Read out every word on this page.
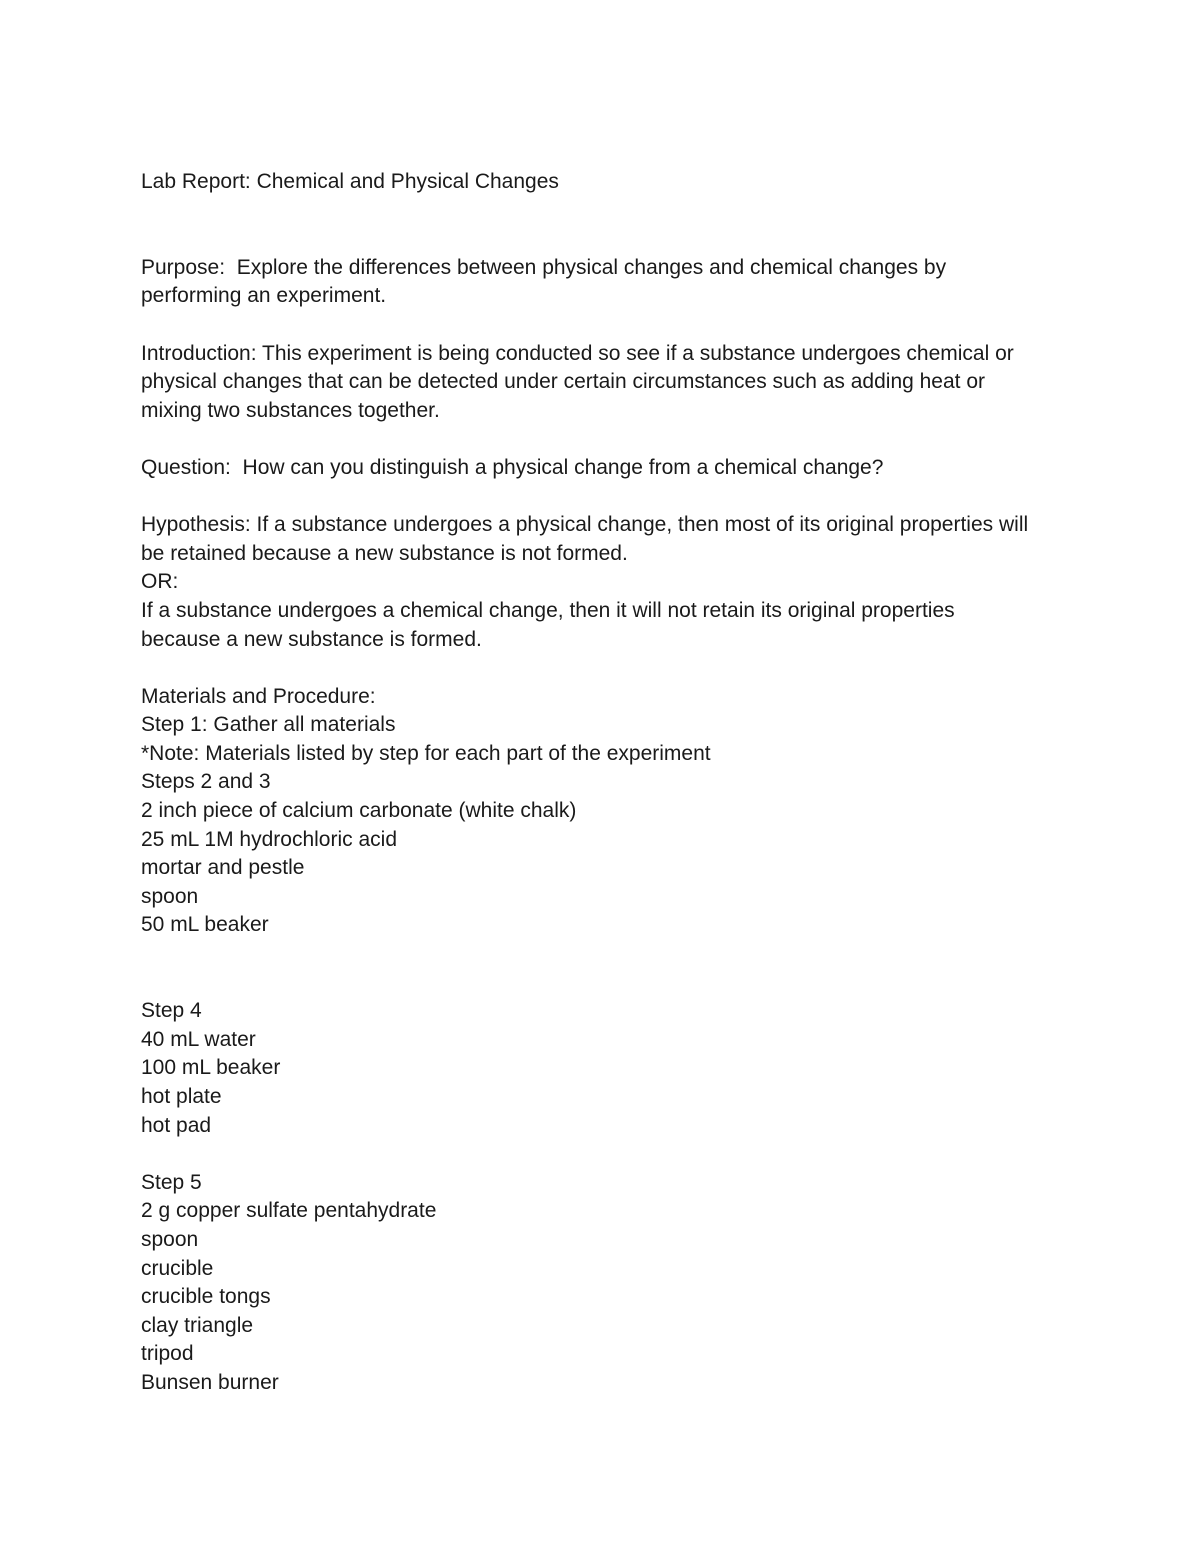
Lab Report: Chemical and Physical Changes
Purpose:  Explore the differences between physical changes and chemical changes by
performing an experiment.
Introduction: This experiment is being conducted so see if a substance undergoes chemical or
physical changes that can be detected under certain circumstances such as adding heat or
mixing two substances together.
Question:  How can you distinguish a physical change from a chemical change?
Hypothesis: If a substance undergoes a physical change, then most of its original properties will
be retained because a new substance is not formed.
OR:
If a substance undergoes a chemical change, then it will not retain its original properties
because a new substance is formed.
Materials and Procedure:
Step 1: Gather all materials
*Note: Materials listed by step for each part of the experiment
Steps 2 and 3
2 inch piece of calcium carbonate (white chalk)
25 mL 1M hydrochloric acid
mortar and pestle
spoon
50 mL beaker
Step 4
40 mL water
100 mL beaker
hot plate
hot pad
Step 5
2 g copper sulfate pentahydrate
spoon
crucible
crucible tongs
clay triangle
tripod
Bunsen burner
